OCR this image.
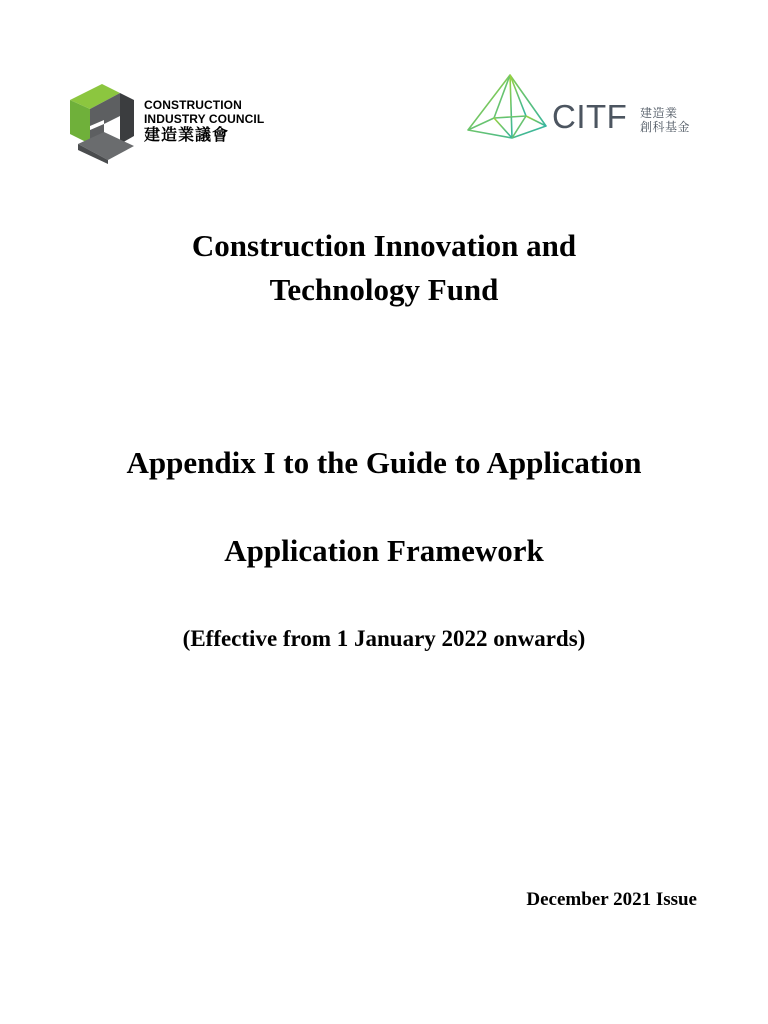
CONSTRUCTION
INDUSTRY COUNCIL
建造業議會
CITF 建造業
創科基金
Construction Innovation and
Technology Fund
Appendix I to the Guide to Application
Application Framework
(Effective from 1 January 2022 onwards)
December 2021 Issue
